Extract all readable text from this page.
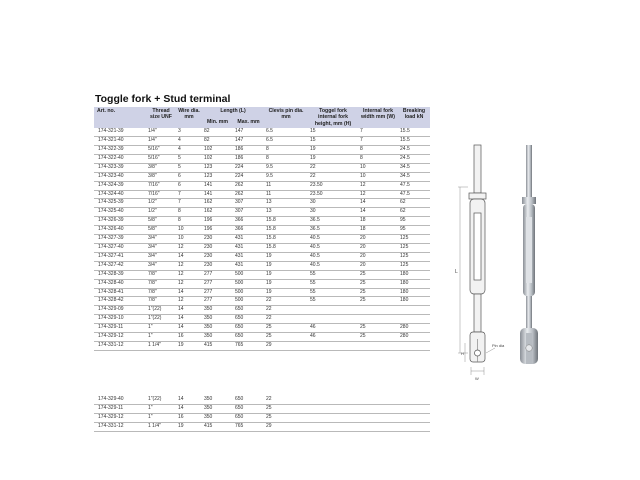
Toggle fork + Stud terminal
Art. no.	Thread size UNF	Wire dia. mm	Length (L)		Clevis pin dia. mm	Toggel fork internal fork height, mm (H)	Internal fork width mm (W)	Breaking load kN
			Min. mm	Max. mm				
174-321-39	1/4"	3	82	147	6.5	15	7	15.5
174-321-40	1/4"	4	82	147	6.5	15	7	15.5
174-322-39	5/16"	4	102	186	8	19	8	24.5
174-322-40	5/16"	5	102	186	8	19	8	24.5
174-323-39	3/8"	5	123	224	9.5	22	10	34.5
174-323-40	3/8"	6	123	224	9.5	22	10	34.5
174-324-39	7/16"	6	141	262	11	23.50	12	47.5
174-324-40	7/16"	7	141	262	11	23.50	12	47.5
174-325-39	1/2"	7	162	307	13	30	14	62
174-325-40	1/2"	8	162	307	13	30	14	62
174-326-39	5/8"	8	196	366	15.8	36.5	18	95
174-326-40	5/8"	10	196	366	15.8	36.5	18	95
174-327-39	3/4"	10	230	431	15.8	40.5	20	125
174-327-40	3/4"	12	230	431	15.8	40.5	20	125
174-327-41	3/4"	14	230	431	19	40.5	20	125
174-327-42	3/4"	12	230	431	19	40.5	20	125
174-328-39	7/8"	12	277	500	19	55	25	180
174-328-40	7/8"	12	277	500	19	55	25	180
174-328-41	7/8"	14	277	500	19	55	25	180
174-328-42	7/8"	12	277	500	22	55	25	180
174-329-09	1"(22)	14	350	650	22			
174-329-10	1"(22)	14	350	650	22			
174-329-11	1"	14	350	650	25	46	25	280
174-329-12	1"	16	350	650	25	46	25	280
174-331-12	1 1/4"	19	415	765	29			
174-329-40	1"(22)	14	350	650	22			
174-329-11	1"	14	350	650	25			
174-329-12	1"	16	350	650	25			
174-331-12	1 1/4"	19	415	765	29			
L
H
W
Pin dia
